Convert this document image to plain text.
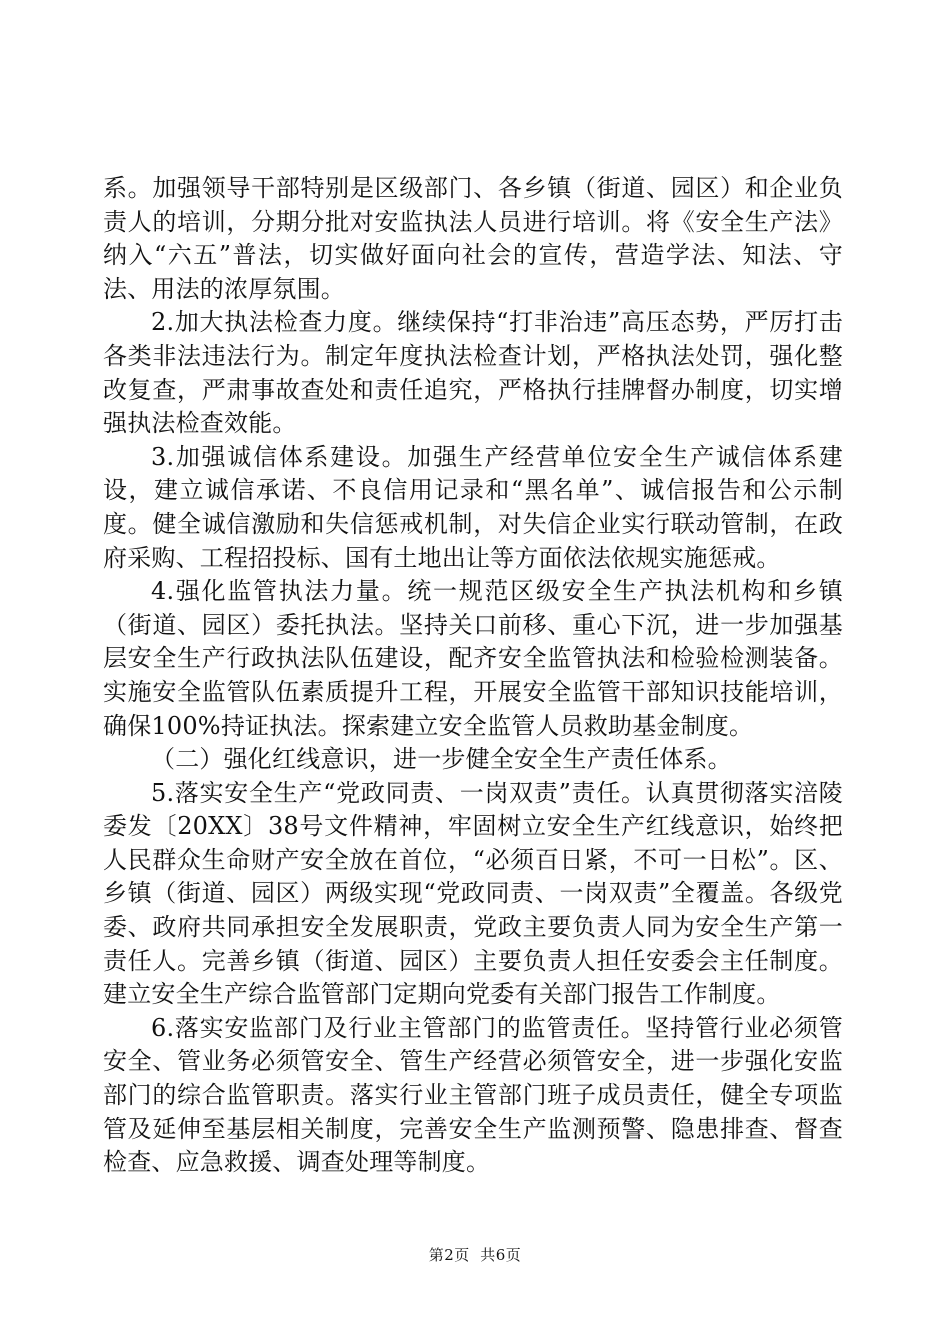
系。加强领导干部特别是区级部门、各乡镇（街道、园区）和企业负责人的培训，分期分批对安监执法人员进行培训。将《安全生产法》纳入“六五”普法，切实做好面向社会的宣传，营造学法、知法、守法、用法的浓厚氛围。

2.加大执法检查力度。继续保持“打非治违”高压态势，严厉打击各类非法违法行为。制定年度执法检查计划，严格执法处罚，强化整改复查，严肃事故查处和责任追究，严格执行挂牌督办制度，切实增强执法检查效能。

3.加强诚信体系建设。加强生产经营单位安全生产诚信体系建设，建立诚信承诺、不良信用记录和“黑名单”、诚信报告和公示制度。健全诚信激励和失信惩戒机制，对失信企业实行联动管制，在政府采购、工程招投标、国有土地出让等方面依法依规实施惩戒。

4.强化监管执法力量。统一规范区级安全生产执法机构和乡镇（街道、园区）委托执法。坚持关口前移、重心下沉，进一步加强基层安全生产行政执法队伍建设，配齐安全监管执法和检验检测装备。实施安全监管队伍素质提升工程，开展安全监管干部知识技能培训，确保100%持证执法。探索建立安全监管人员救助基金制度。

（二）强化红线意识，进一步健全安全生产责任体系。

5.落实安全生产“党政同责、一岗双责”责任。认真贯彻落实涪陵委发〔20XX〕38号文件精神，牢固树立安全生产红线意识，始终把人民群众生命财产安全放在首位，“必须百日紧，不可一日松”。区、乡镇（街道、园区）两级实现“党政同责、一岗双责”全覆盖。各级党委、政府共同承担安全发展职责，党政主要负责人同为安全生产第一责任人。完善乡镇（街道、园区）主要负责人担任安委会主任制度。建立安全生产综合监管部门定期向党委有关部门报告工作制度。

6.落实安监部门及行业主管部门的监管责任。坚持管行业必须管安全、管业务必须管安全、管生产经营必须管安全，进一步强化安监部门的综合监管职责。落实行业主管部门班子成员责任，健全专项监管及延伸至基层相关制度，完善安全生产监测预警、隐患排查、督查检查、应急救援、调查处理等制度。

第2页  共6页
